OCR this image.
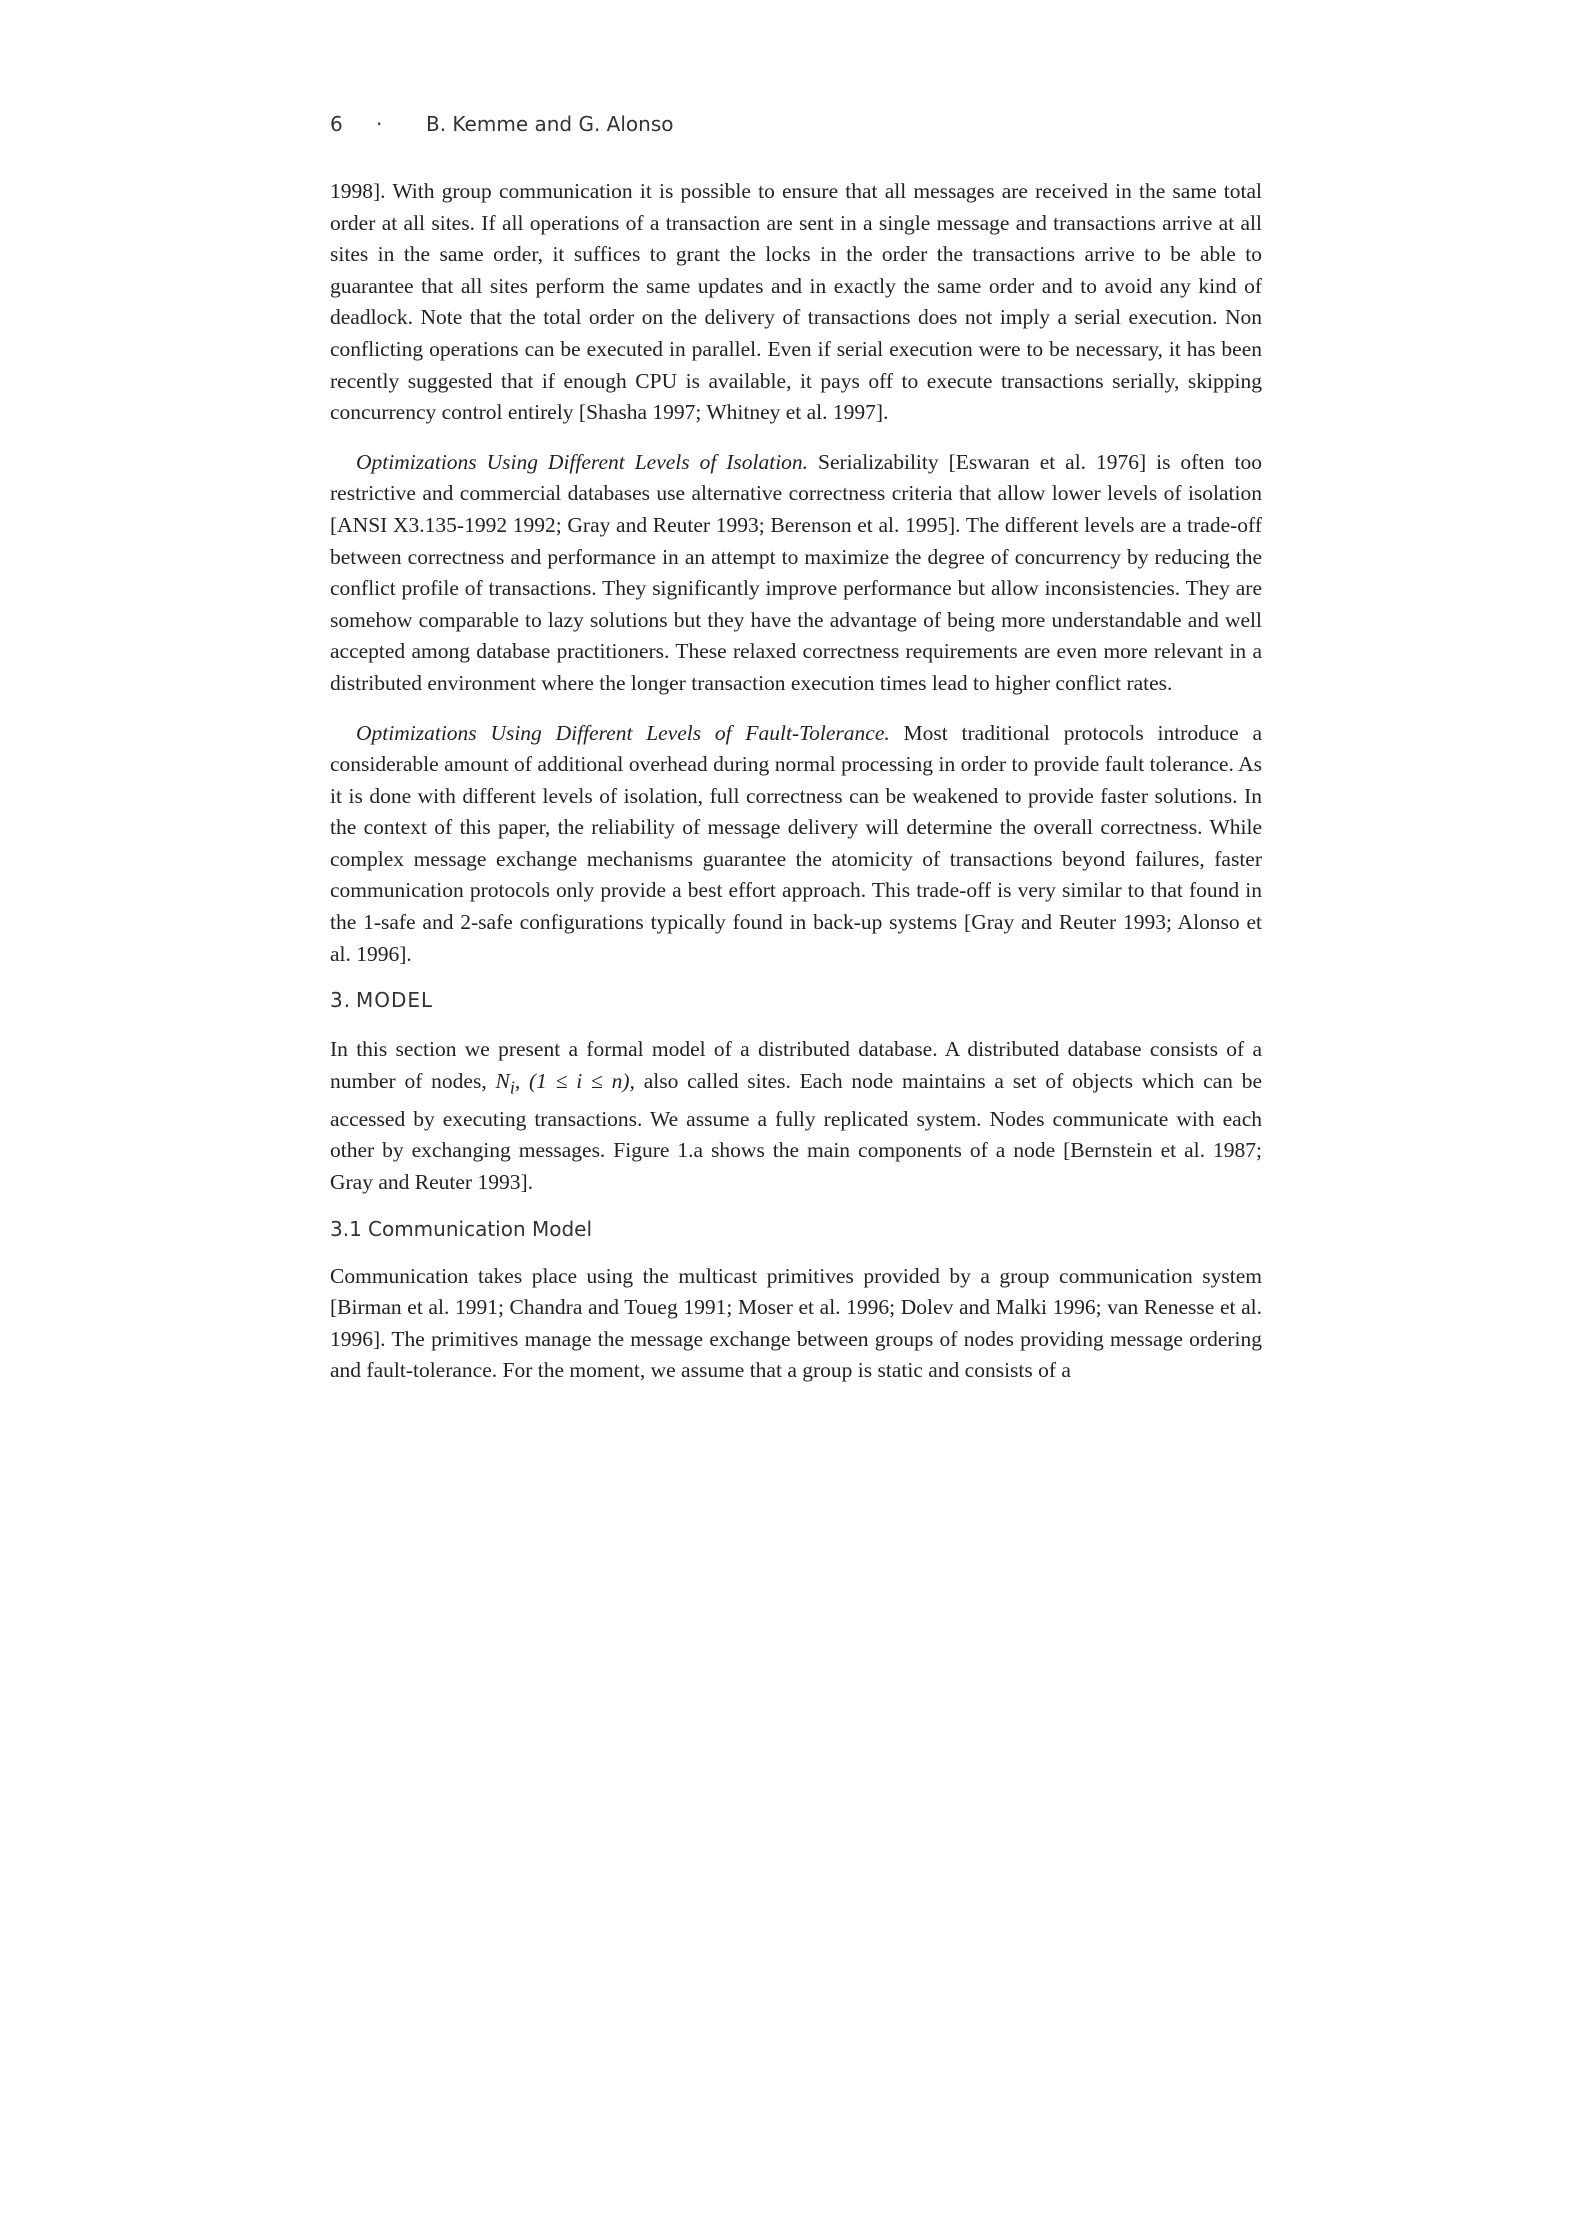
6 · B. Kemme and G. Alonso

1998]. With group communication it is possible to ensure that all messages are received in the same total order at all sites. If all operations of a transaction are sent in a single message and transactions arrive at all sites in the same order, it suffices to grant the locks in the order the transactions arrive to be able to guarantee that all sites perform the same updates and in exactly the same order and to avoid any kind of deadlock. Note that the total order on the delivery of transactions does not imply a serial execution. Non conflicting operations can be executed in parallel. Even if serial execution were to be necessary, it has been recently suggested that if enough CPU is available, it pays off to execute transactions serially, skipping concurrency control entirely [Shasha 1997; Whitney et al. 1997].

Optimizations Using Different Levels of Isolation. Serializability [Eswaran et al. 1976] is often too restrictive and commercial databases use alternative correctness criteria that allow lower levels of isolation [ANSI X3.135-1992 1992; Gray and Reuter 1993; Berenson et al. 1995]. The different levels are a trade-off between correctness and performance in an attempt to maximize the degree of concurrency by reducing the conflict profile of transactions. They significantly improve performance but allow inconsistencies. They are somehow comparable to lazy solutions but they have the advantage of being more understandable and well accepted among database practitioners. These relaxed correctness requirements are even more relevant in a distributed environment where the longer transaction execution times lead to higher conflict rates.

Optimizations Using Different Levels of Fault-Tolerance. Most traditional protocols introduce a considerable amount of additional overhead during normal processing in order to provide fault tolerance. As it is done with different levels of isolation, full correctness can be weakened to provide faster solutions. In the context of this paper, the reliability of message delivery will determine the overall correctness. While complex message exchange mechanisms guarantee the atomicity of transactions beyond failures, faster communication protocols only provide a best effort approach. This trade-off is very similar to that found in the 1-safe and 2-safe configurations typically found in back-up systems [Gray and Reuter 1993; Alonso et al. 1996].

3. MODEL

In this section we present a formal model of a distributed database. A distributed database consists of a number of nodes, $N_i$, (1 ≤ i ≤ n), also called sites. Each node maintains a set of objects which can be accessed by executing transactions. We assume a fully replicated system. Nodes communicate with each other by exchanging messages. Figure 1.a shows the main components of a node [Bernstein et al. 1987; Gray and Reuter 1993].

3.1 Communication Model

Communication takes place using the multicast primitives provided by a group communication system [Birman et al. 1991; Chandra and Toueg 1991; Moser et al. 1996; Dolev and Malki 1996; van Renesse et al. 1996]. The primitives manage the message exchange between groups of nodes providing message ordering and fault-tolerance. For the moment, we assume that a group is static and consists of a
